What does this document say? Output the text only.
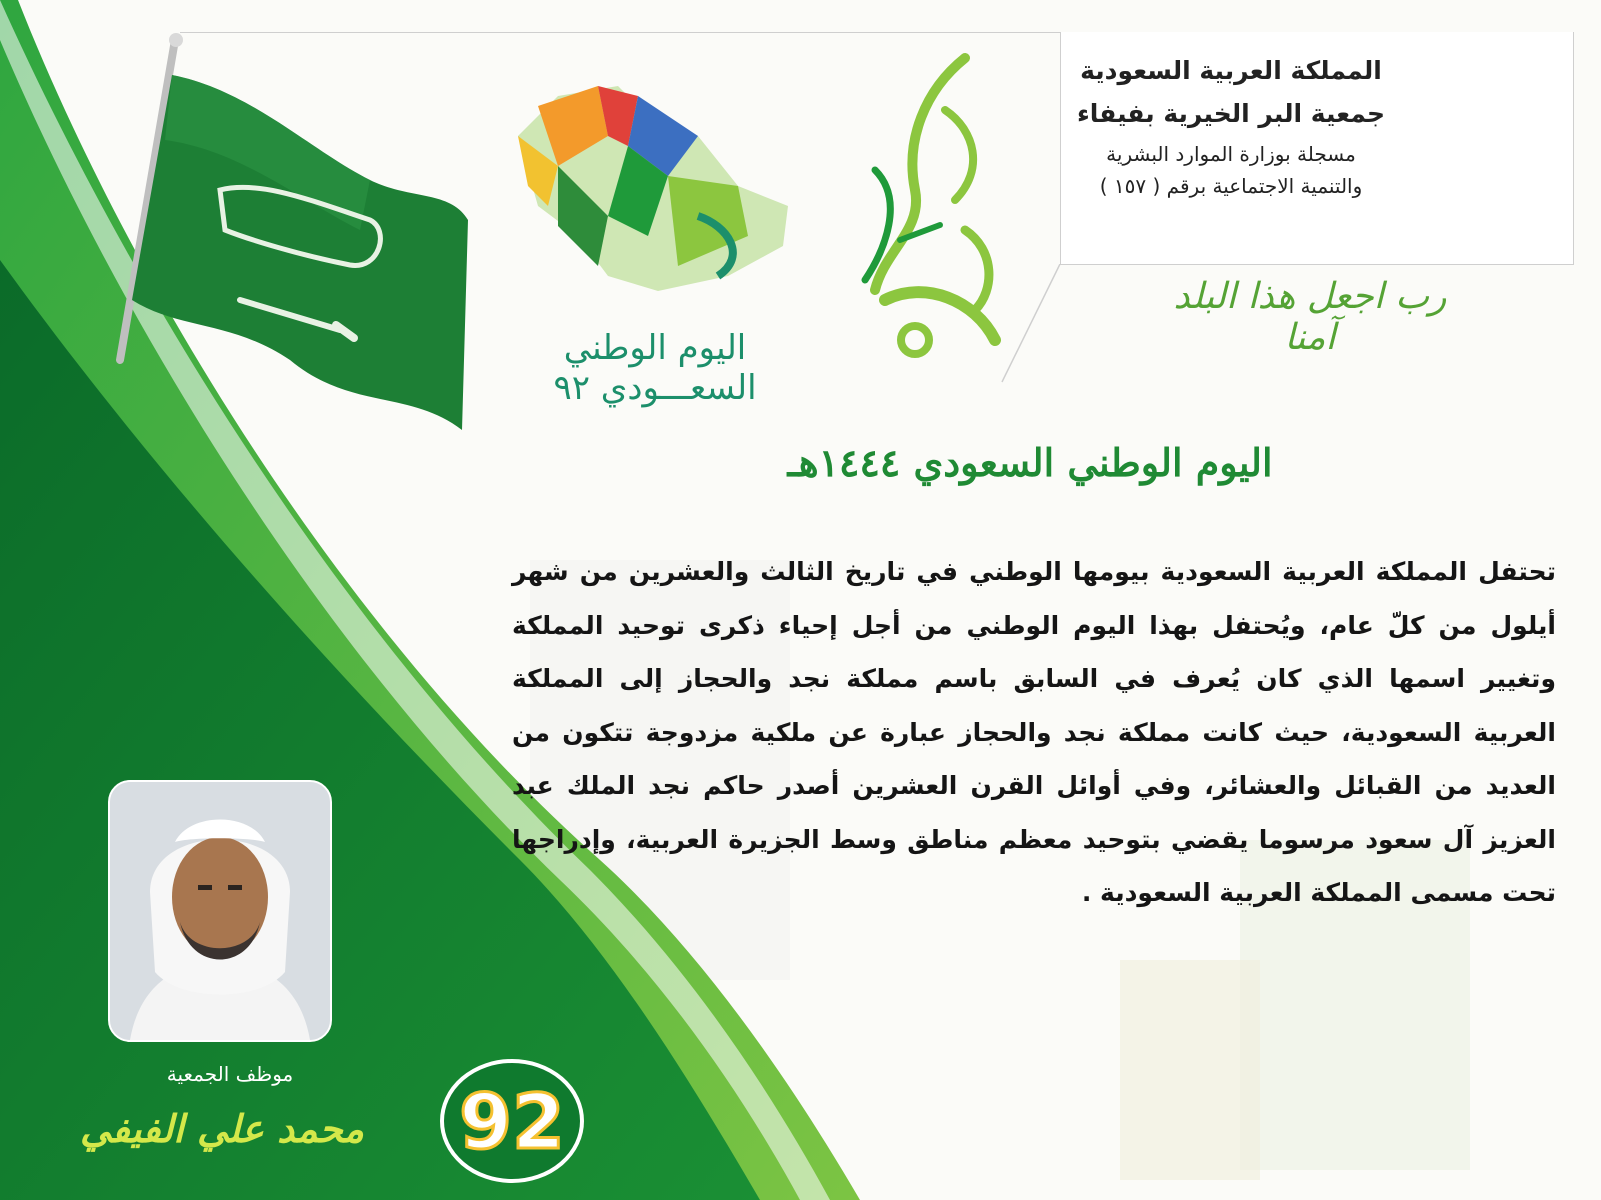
المملكة العربية السعودية
جمعية البر الخيرية بفيفاء
مسجلة بوزارة الموارد البشرية
والتنمية الاجتماعية برقم ( ١٥٧ )
رب اجعل هذا البلد آمنا
اليوم الوطني
السعـــودي ٩٢
اليوم الوطني السعودي ١٤٤٤هـ
تحتفل المملكة العربية السعودية بيومها الوطني في تاريخ الثالث والعشرين من شهر أيلول من كلّ عام، ويُحتفل بهذا اليوم الوطني من أجل إحياء ذكرى توحيد المملكة وتغيير اسمها الذي كان يُعرف في السابق باسم مملكة نجد والحجاز إلى المملكة العربية السعودية، حيث كانت مملكة نجد والحجاز عبارة عن ملكية مزدوجة تتكون من العديد من القبائل والعشائر، وفي أوائل القرن العشرين أصدر حاكم نجد الملك عبد العزيز آل سعود مرسوما يقضي بتوحيد معظم مناطق وسط الجزيرة العربية، وإدراجها تحت مسمى المملكة العربية السعودية .
موظف الجمعية
محمد علي الفيفي 92
